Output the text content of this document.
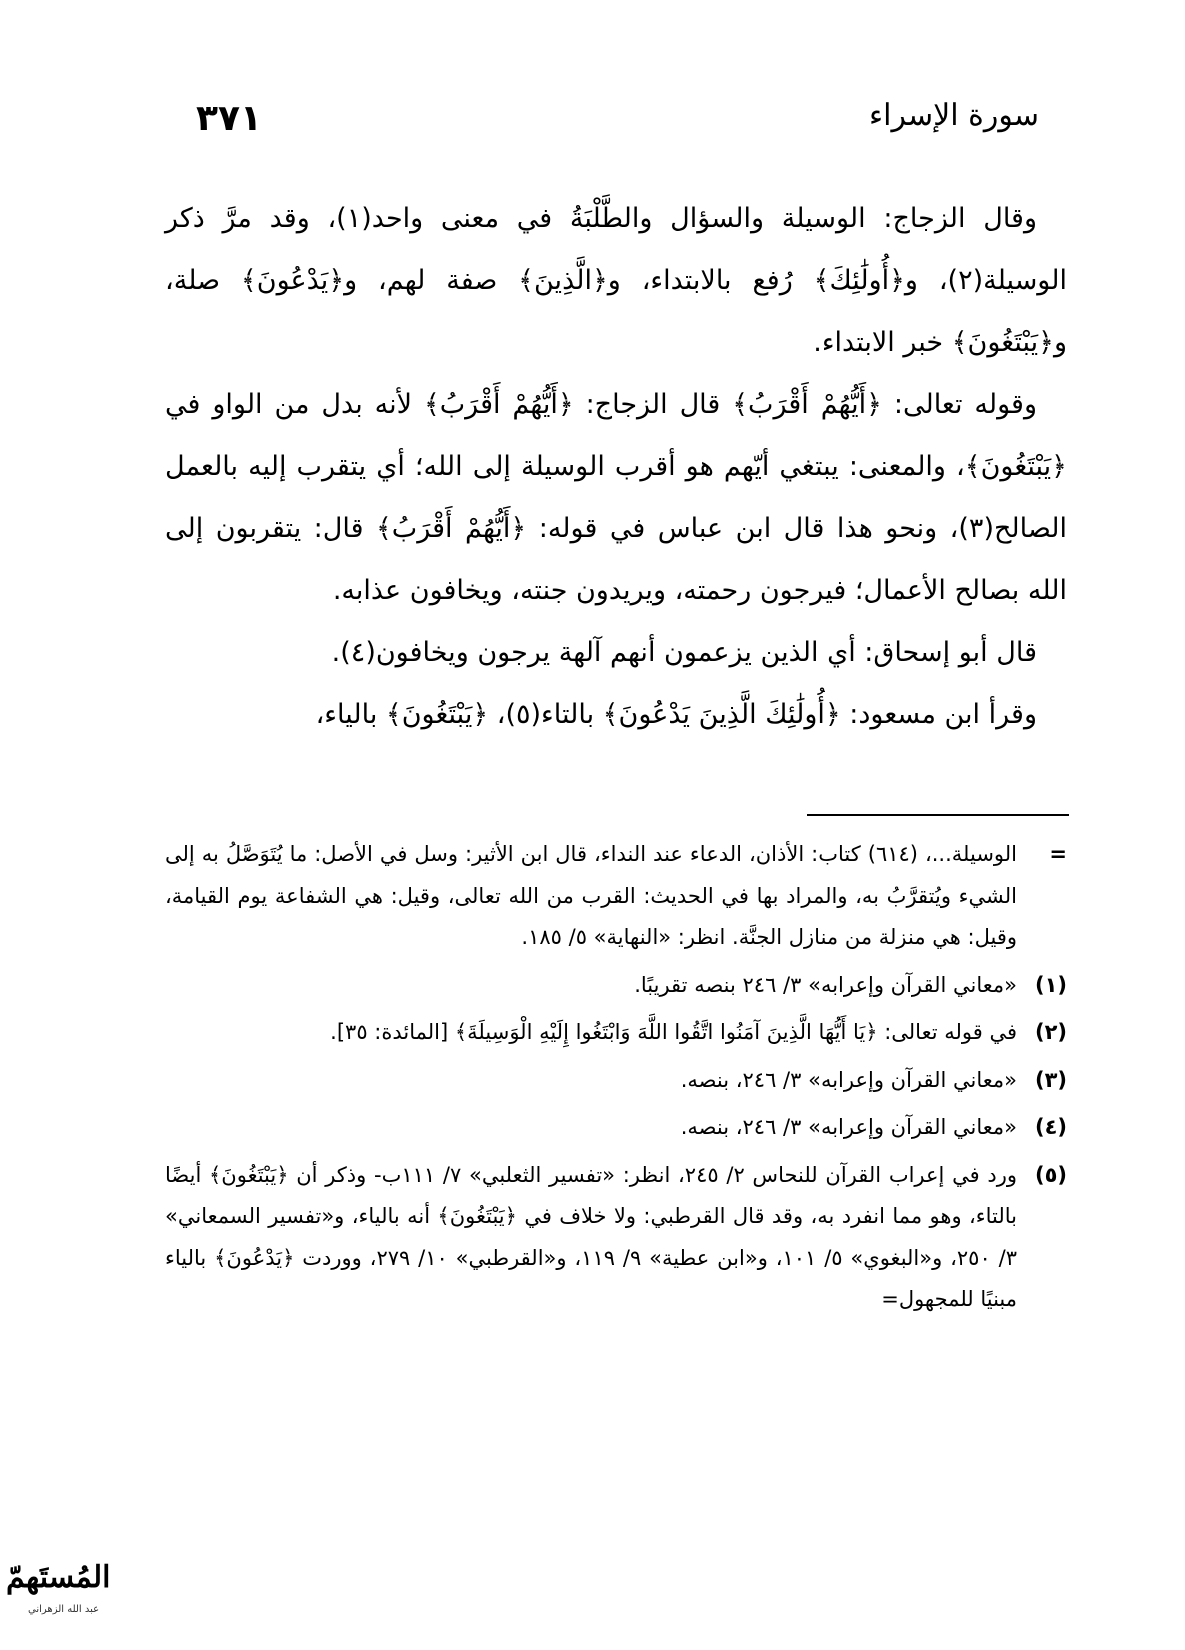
سورة الإسراء
٣٧١

وقال الزجاج: الوسيلة والسؤال والطَّلْبَةُ في معنى واحد(١)، وقد مرَّ ذكر الوسيلة(٢)، و﴿أُولَٰئِكَ﴾ رُفع بالابتداء، و﴿الَّذِينَ﴾ صفة لهم، و﴿يَدْعُونَ﴾ صلة، و﴿يَبْتَغُونَ﴾ خبر الابتداء.

وقوله تعالى: ﴿أَيُّهُمْ أَقْرَبُ﴾ قال الزجاج: ﴿أَيُّهُمْ أَقْرَبُ﴾ لأنه بدل من الواو في ﴿يَبْتَغُونَ﴾، والمعنى: يبتغي أيّهم هو أقرب الوسيلة إلى الله؛ أي يتقرب إليه بالعمل الصالح(٣)، ونحو هذا قال ابن عباس في قوله: ﴿أَيُّهُمْ أَقْرَبُ﴾ قال: يتقربون إلى الله بصالح الأعمال؛ فيرجون رحمته، ويريدون جنته، ويخافون عذابه.

قال أبو إسحاق: أي الذين يزعمون أنهم آلهة يرجون ويخافون(٤).

وقرأ ابن مسعود: ﴿أُولَٰئِكَ الَّذِينَ يَدْعُونَ﴾ بالتاء(٥)، ﴿يَبْتَغُونَ﴾ بالياء،

=
الوسيلة...، (٦١٤) كتاب: الأذان، الدعاء عند النداء، قال ابن الأثير: وسل في الأصل: ما يُتَوَصَّلُ به إلى الشيء ويُتقرَّبُ به، والمراد بها في الحديث: القرب من الله تعالى، وقيل: هي الشفاعة يوم القيامة، وقيل: هي منزلة من منازل الجنَّة. انظر: «النهاية» ٥/ ١٨٥.
(١)
«معاني القرآن وإعرابه» ٣/ ٢٤٦ بنصه تقريبًا.
(٢)
في قوله تعالى: ﴿يَا أَيُّهَا الَّذِينَ آمَنُوا اتَّقُوا اللَّهَ وَابْتَغُوا إِلَيْهِ الْوَسِيلَةَ﴾ [المائدة: ٣٥].
(٣)
«معاني القرآن وإعرابه» ٣/ ٢٤٦، بنصه.
(٤)
«معاني القرآن وإعرابه» ٣/ ٢٤٦، بنصه.
(٥)
ورد في إعراب القرآن للنحاس ٢/ ٢٤٥، انظر: «تفسير الثعلبي» ٧/ ١١١ب- وذكر أن ﴿يَبْتَغُونَ﴾ أيضًا بالتاء، وهو مما انفرد به، وقد قال القرطبي: ولا خلاف في ﴿يَبْتَغُونَ﴾ أنه بالياء، و«تفسير السمعاني» ٣/ ٢٥٠، و«البغوي» ٥/ ١٠١، و«ابن عطية» ٩/ ١١٩، و«القرطبي» ١٠/ ٢٧٩، ووردت ﴿يَدْعُونَ﴾ بالياء مبنيًا للمجهول=
المُستَهمّ
عبد الله الزهراني
